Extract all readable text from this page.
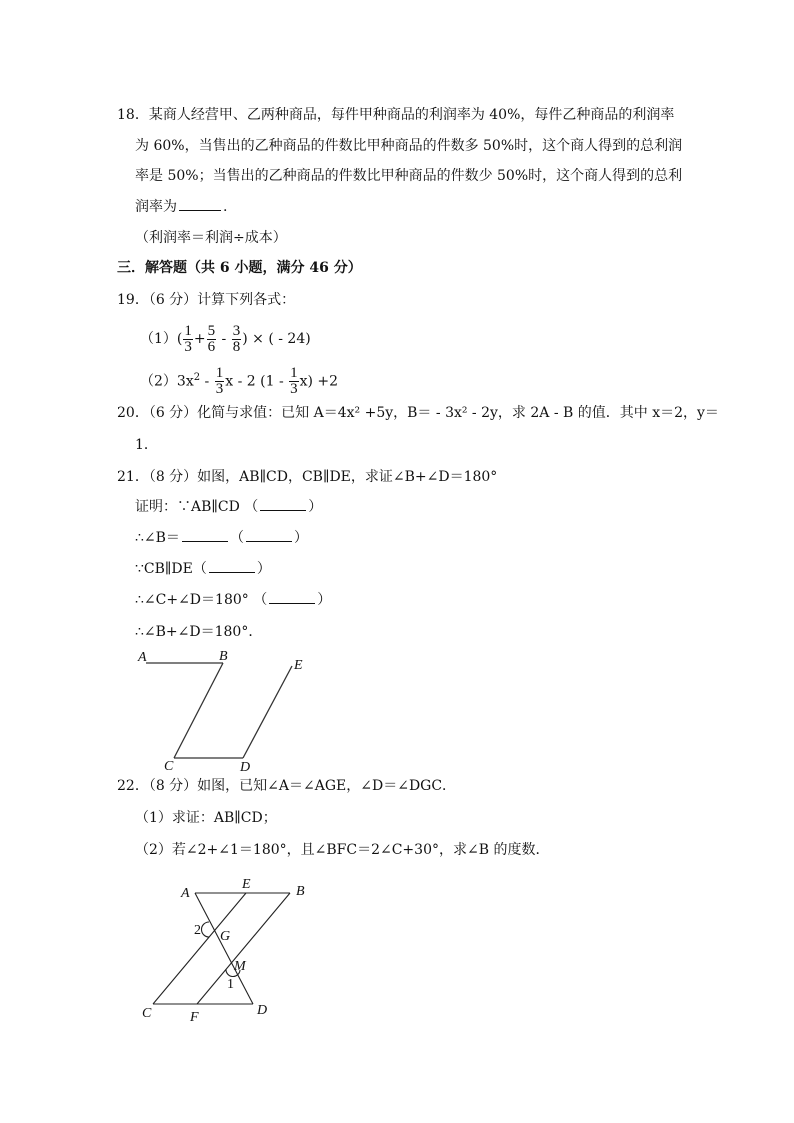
18．某商人经营甲、乙两种商品，每件甲种商品的利润率为 40%，每件乙种商品的利润率
为 60%，当售出的乙种商品的件数比甲种商品的件数多 50%时，这个商人得到的总利润
率是 50%；当售出的乙种商品的件数比甲种商品的件数少 50%时，这个商人得到的总利
润率为	.
（利润率＝利润÷成本）
三．解答题（共 6 小题，满分 46 分）
19．（6 分）计算下列各式：
$(1)( \frac{1}{3} + \frac{5}{6} - \frac{3}{8}$ ) × ( - 24)
$(2)3x^2 - \frac{1}{3}$ x - 2 $(1 - \frac{1}{3} x) +2$
20．（6 分）化简与求值：已知 A＝4x² +5y，B＝ - 3x² - 2y，求 2A - B 的值．其中 x＝2，y＝
1．
21．（8 分）如图，AB∥CD，CB∥DE，求证∠B+∠D＝180°
证明：∵AB∥CD （	）
∴∠B＝	（	）
∵CB∥DE（	）
∴∠C+∠D＝180° （	）
∴∠B+∠D＝180°．
A	B
E
C	D
A
E	B
2 G
M
1
C	F	D
22．（8 分）如图，已知∠A＝∠AGE，∠D＝∠DGC．
（1）求证：AB∥CD；
（2）若∠2+∠1＝180°，且∠BFC＝2∠C+30°，求∠B 的度数．
